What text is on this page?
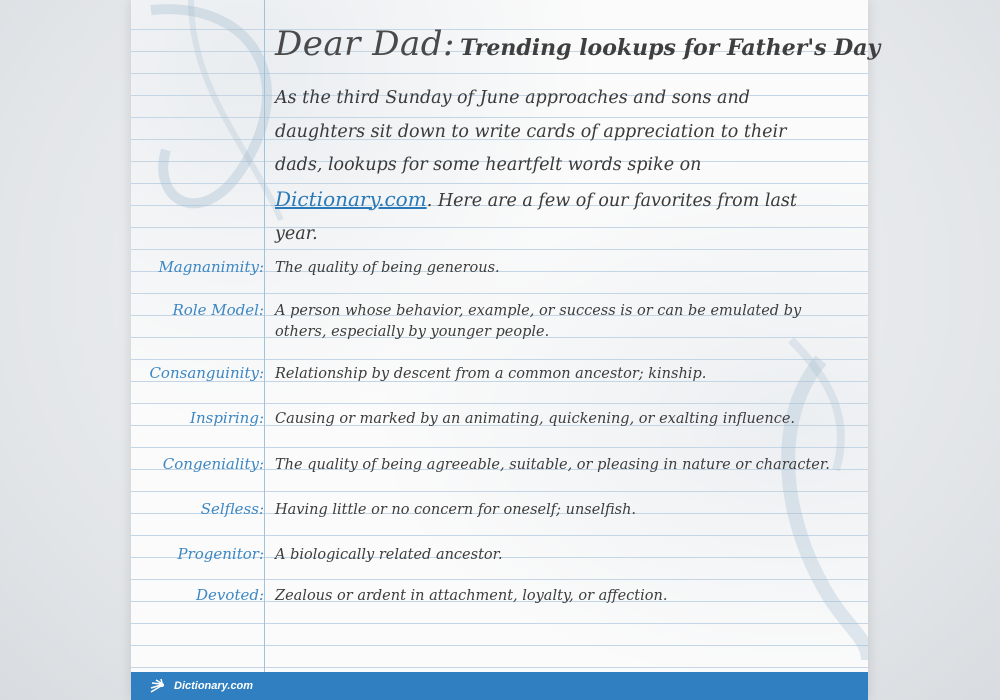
Dear Dad: Trending lookups for Father's Day
As the third Sunday of June approaches and sons and daughters sit down to write cards of appreciation to their dads, lookups for some heartfelt words spike on Dictionary.com. Here are a few of our favorites from last year.
Magnanimity: The quality of being generous.
Role Model: A person whose behavior, example, or success is or can be emulated by others, especially by younger people.
Consanguinity: Relationship by descent from a common ancestor; kinship.
Inspiring: Causing or marked by an animating, quickening, or exalting influence.
Congeniality: The quality of being agreeable, suitable, or pleasing in nature or character.
Selfless: Having little or no concern for oneself; unselfish.
Progenitor: A biologically related ancestor.
Devoted: Zealous or ardent in attachment, loyalty, or affection.
Dictionary.com
